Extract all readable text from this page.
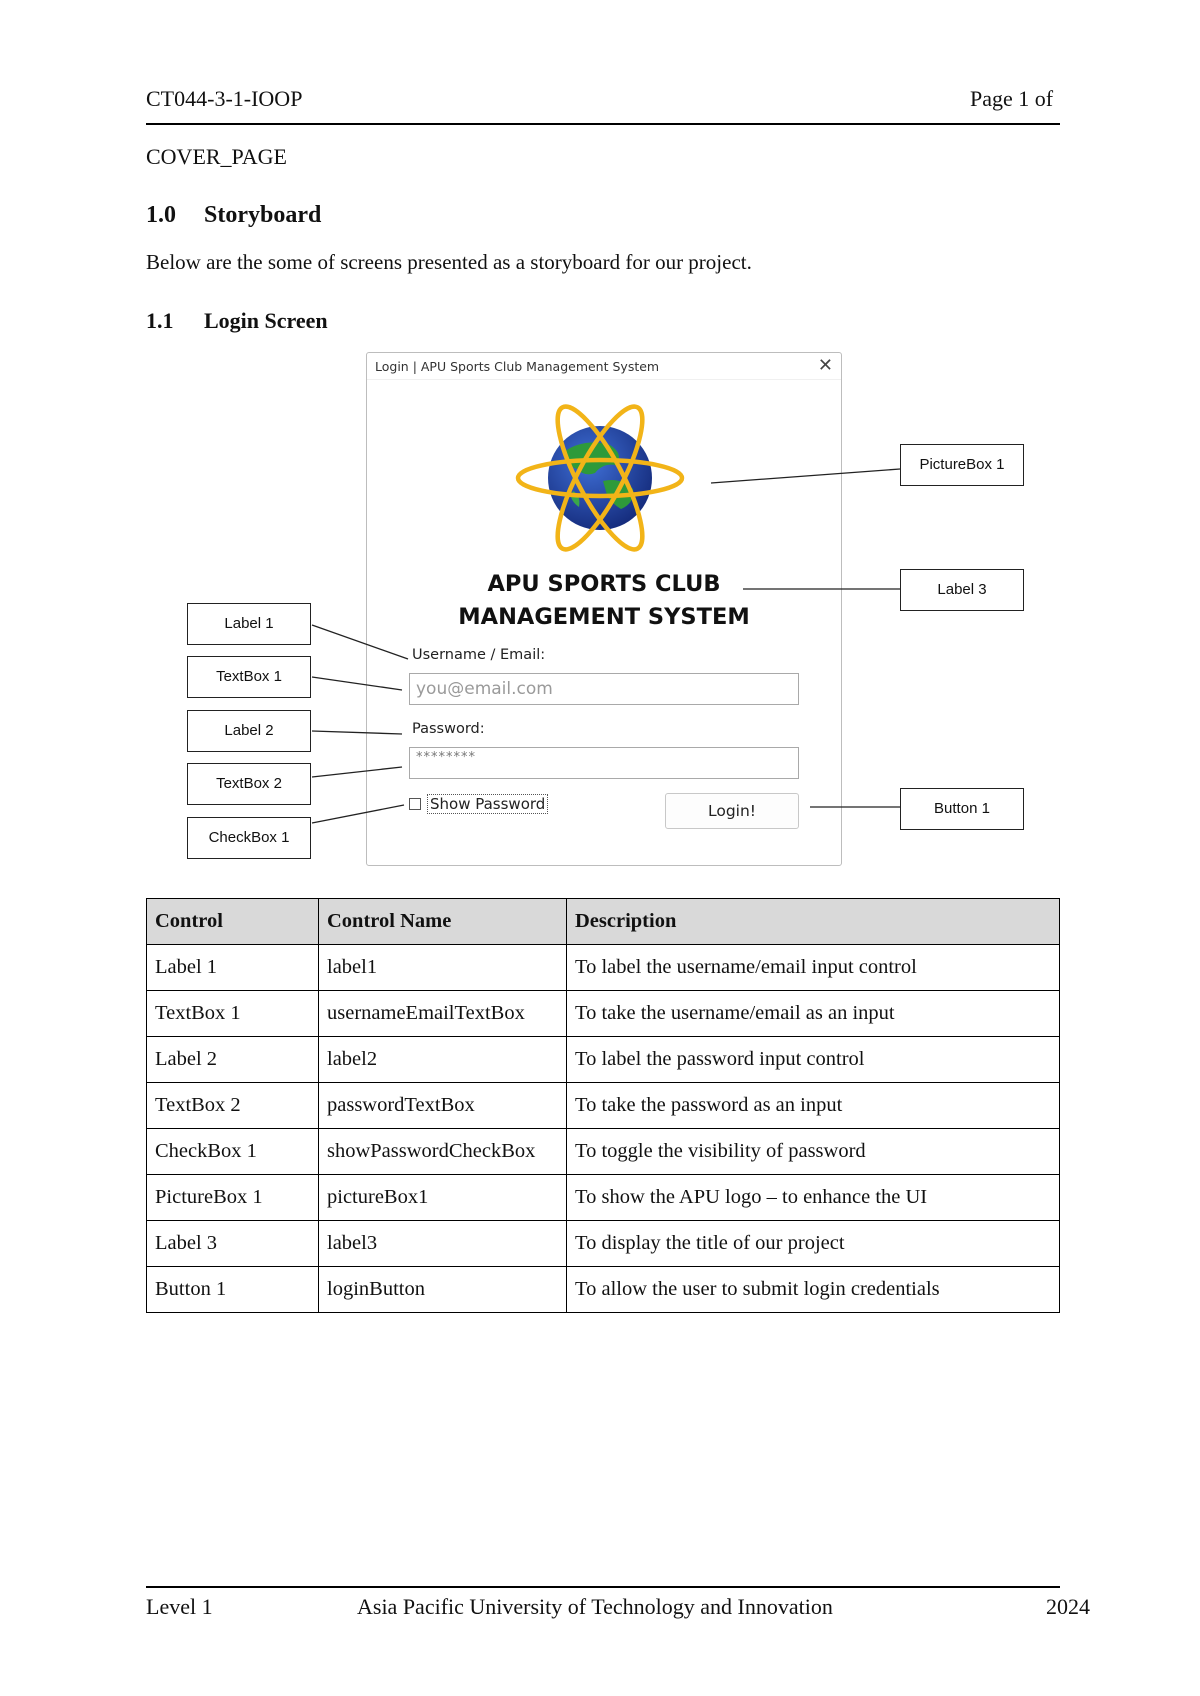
CT044-3-1-IOOP	Page 1 of
COVER_PAGE
1.0 Storyboard
Below are the some of screens presented as a storyboard for our project.
1.1 Login Screen
Login | APU Sports Club Management System	✕
APU SPORTS CLUB
MANAGEMENT SYSTEM
Username / Email:
you@email.com
Password:
********
Show Password	Login!
Label 1
TextBox 1
Label 2
TextBox 2
CheckBox 1
PictureBox 1
Label 3
Button 1
Control	Control Name	Description
Label 1	label1	To label the username/email input control
TextBox 1	usernameEmailTextBox	To take the username/email as an input
Label 2	label2	To label the password input control
TextBox 2	passwordTextBox	To take the password as an input
CheckBox 1	showPasswordCheckBox	To toggle the visibility of password
PictureBox 1	pictureBox1	To show the APU logo – to enhance the UI
Label 3	label3	To display the title of our project
Button 1	loginButton	To allow the user to submit login credentials
Level 1	Asia Pacific University of Technology and Innovation	2024
